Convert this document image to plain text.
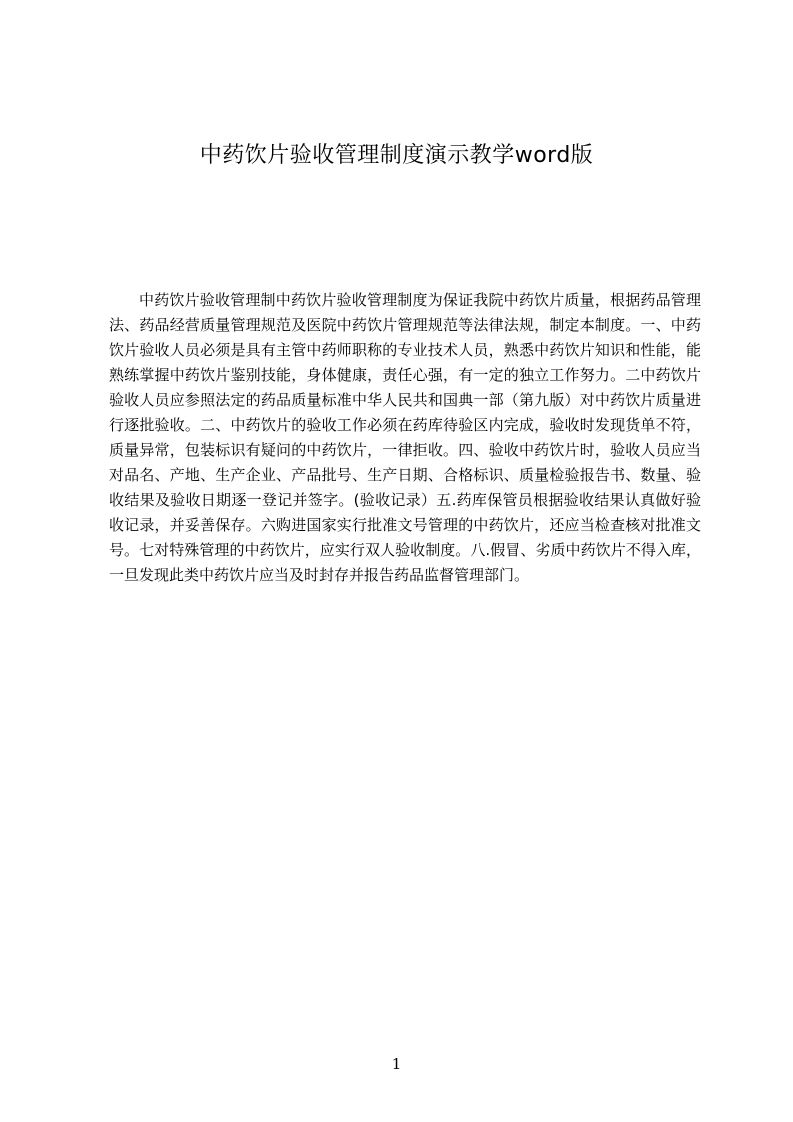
中药饮片验收管理制度演示教学word版

中药饮片验收管理制中药饮片验收管理制度为保证我院中药饮片质量，根据药品管理法、药品经营质量管理规范及医院中药饮片管理规范等法律法规，制定本制度。一、中药饮片验收人员必须是具有主管中药师职称的专业技术人员，熟悉中药饮片知识和性能，能熟练掌握中药饮片鉴别技能，身体健康，责任心强，有一定的独立工作努力。二中药饮片验收人员应参照法定的药品质量标准中华人民共和国典一部（第九版）对中药饮片质量进行逐批验收。二、中药饮片的验收工作必须在药库待验区内完成，验收时发现货单不符，质量异常，包装标识有疑问的中药饮片，一律拒收。四、验收中药饮片时，验收人员应当对品名、产地、生产企业、产品批号、生产日期、合格标识、质量检验报告书、数量、验收结果及验收日期逐一登记并签字。(验收记录）五.药库保管员根据验收结果认真做好验收记录，并妥善保存。六购进国家实行批准文号管理的中药饮片，还应当检查核对批准文号。七对特殊管理的中药饮片，应实行双人验收制度。八.假冒、劣质中药饮片不得入库，一旦发现此类中药饮片应当及时封存并报告药品监督管理部门。

1
